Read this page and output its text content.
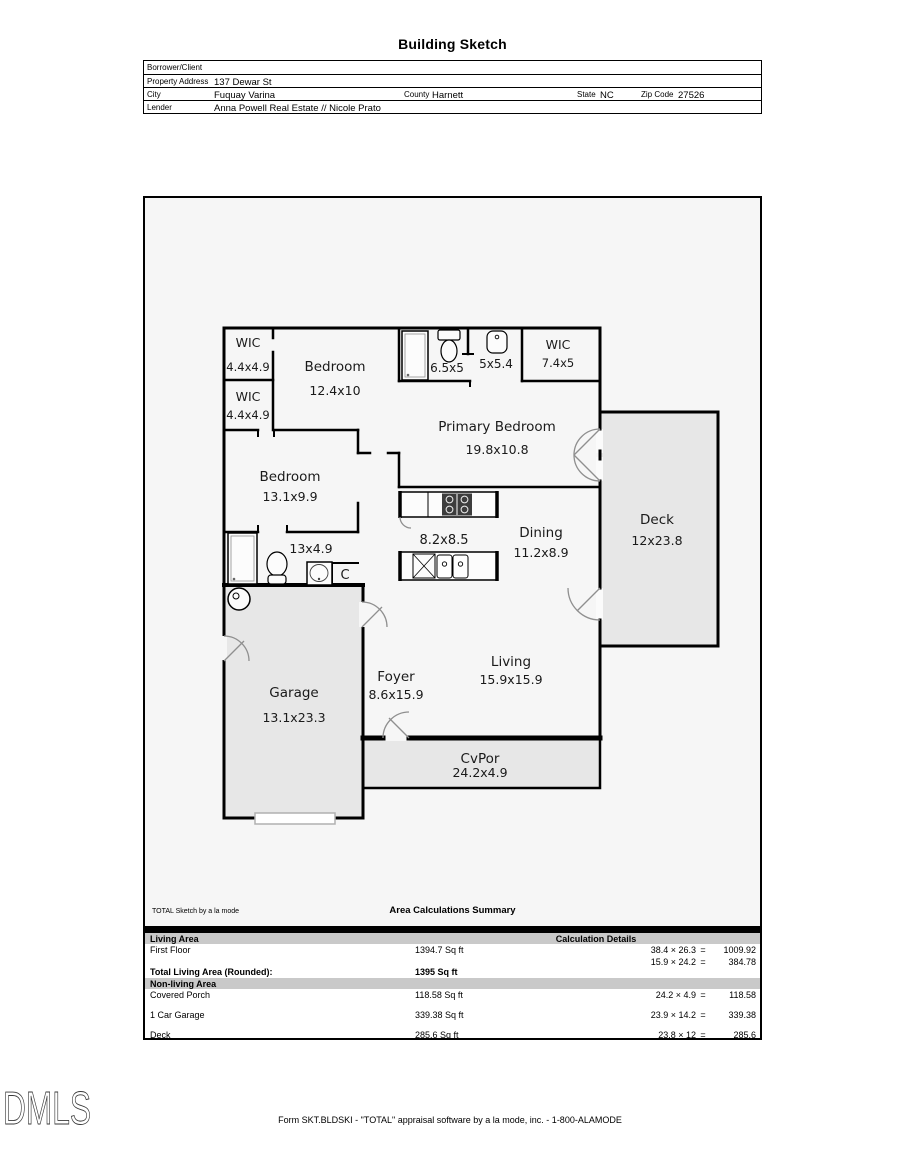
Building Sketch
Borrower/Client
Property Address 137 Dewar St
City	Fuquay Varina	County Harnett	State NC	Zip Code 27526
Lender	Anna Powell Real Estate // Nicole Prato
WIC
4.4x4.9
WIC
4.4x4.9
Bedroom
12.4x10
6.5x5 5x5.4
WIC
7.4x5
Primary Bedroom
19.8x10.8
Bedroom
13.1x9.9
13x4.9
C
8.2x8.5	Dining
11.2x8.9
Deck
12x23.8
Living
15.9x15.9
Foyer
8.6x15.9
Garage
13.1x23.3
CvPor
24.2x4.9
TOTAL Sketch by a la mode	Area Calculations Summary
Living Area	Calculation Details
First Floor	1394.7 Sq ft	38.4 × 26.3 =	1009.92
15.9 × 24.2 =	384.78
Total Living Area (Rounded):	1395 Sq ft
Non-living Area
Covered Porch	118.58 Sq ft	24.2 × 4.9 =	118.58
1 Car Garage	339.38 Sq ft	23.9 × 14.2 =	339.38
Deck	285.6 Sq ft	23.8 × 12 =	285.6
Form SKT.BLDSKI - "TOTAL" appraisal software by a la mode, inc. - 1-800-ALAMODE
DMLS
